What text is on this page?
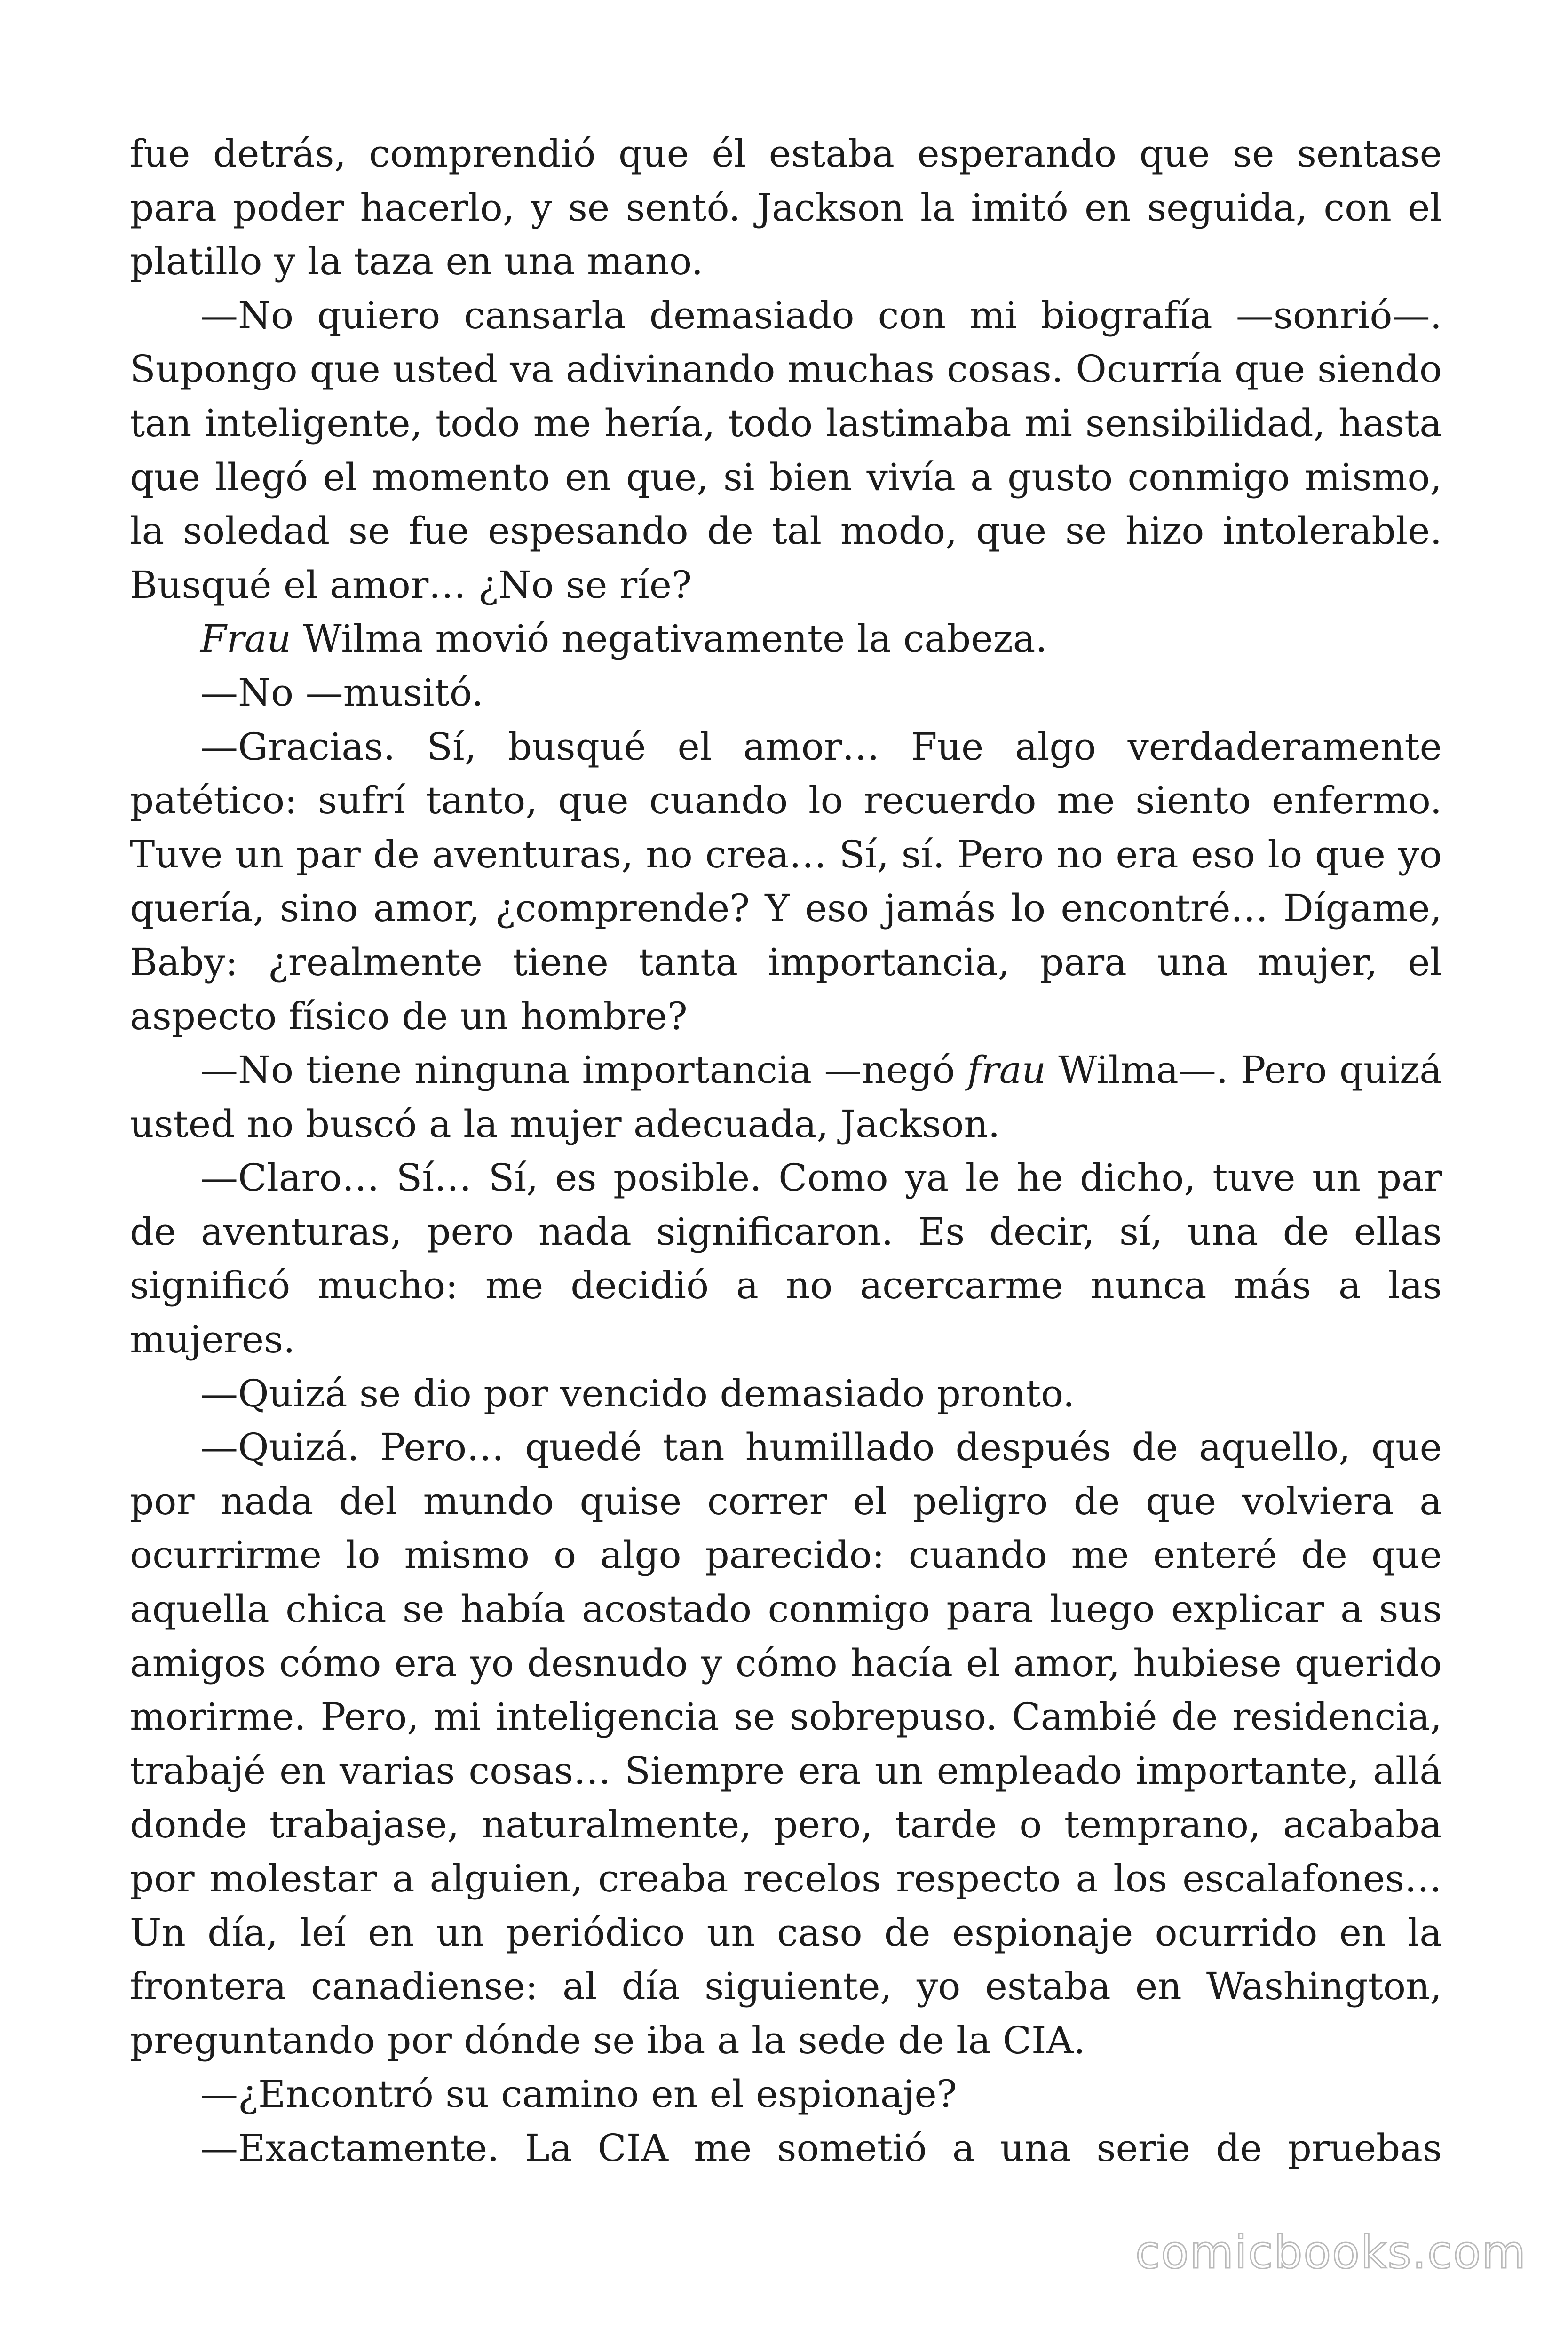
fue detrás, comprendió que él estaba esperando que se sentase para poder hacerlo, y se sentó. Jackson la imitó en seguida, con el platillo y la taza en una mano.

—No quiero cansarla demasiado con mi biografía —sonrió—. Supongo que usted va adivinando muchas cosas. Ocurría que siendo tan inteligente, todo me hería, todo lastimaba mi sensibilidad, hasta que llegó el momento en que, si bien vivía a gusto conmigo mismo, la soledad se fue espesando de tal modo, que se hizo intolerable. Busqué el amor… ¿No se ríe?

Frau Wilma movió negativamente la cabeza.

—No —musitó.

—Gracias. Sí, busqué el amor… Fue algo verdaderamente patético: sufrí tanto, que cuando lo recuerdo me siento enfermo. Tuve un par de aventuras, no crea… Sí, sí. Pero no era eso lo que yo quería, sino amor, ¿comprende? Y eso jamás lo encontré… Dígame, Baby: ¿realmente tiene tanta importancia, para una mujer, el aspecto físico de un hombre?

—No tiene ninguna importancia —negó frau Wilma—. Pero quizá usted no buscó a la mujer adecuada, Jackson.

—Claro… Sí… Sí, es posible. Como ya le he dicho, tuve un par de aventuras, pero nada significaron. Es decir, sí, una de ellas significó mucho: me decidió a no acercarme nunca más a las mujeres.

—Quizá se dio por vencido demasiado pronto.

—Quizá. Pero… quedé tan humillado después de aquello, que por nada del mundo quise correr el peligro de que volviera a ocurrirme lo mismo o algo parecido: cuando me enteré de que aquella chica se había acostado conmigo para luego explicar a sus amigos cómo era yo desnudo y cómo hacía el amor, hubiese querido morirme. Pero, mi inteligencia se sobrepuso. Cambié de residencia, trabajé en varias cosas… Siempre era un empleado importante, allá donde trabajase, naturalmente, pero, tarde o temprano, acababa por molestar a alguien, creaba recelos respecto a los escalafones… Un día, leí en un periódico un caso de espionaje ocurrido en la frontera canadiense: al día siguiente, yo estaba en Washington, preguntando por dónde se iba a la sede de la CIA.

—¿Encontró su camino en el espionaje?

—Exactamente. La CIA me sometió a una serie de pruebas

comicbooks.com
